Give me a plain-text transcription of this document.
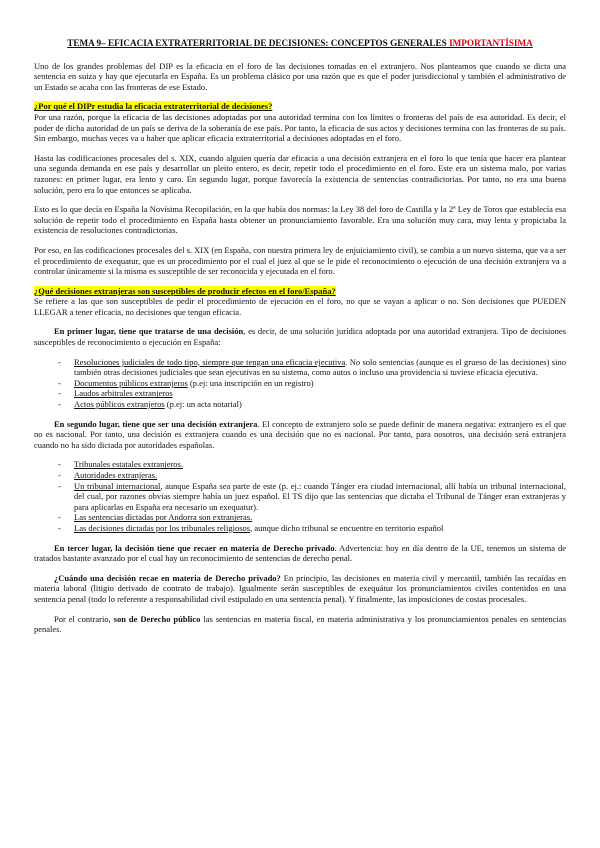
TEMA 9– EFICACIA EXTRATERRITORIAL DE DECISIONES: CONCEPTOS GENERALES IMPORTANTÍSIMA

Uno de los grandes problemas del DIP es la eficacia en el foro de las decisiones tomadas en el extranjero. Nos planteamos que cuando se dicta una sentencia en suiza y hay que ejecutarla en España. Es un problema clásico por una razón que es que el poder jurisdiccional y también el administrativo de un Estado se acaba con las fronteras de ese Estado.

¿Por qué el DIPr estudia la eficacia extraterritorial de decisiones?

Por una razón, porque la eficacia de las decisiones adoptadas por una autoridad termina con los límites o fronteras del país de esa autoridad. Es decir, el poder de dicha autoridad de un país se deriva de la soberanía de ese país. Por tanto, la eficacia de sus actos y decisiones termina con las fronteras de su país. Sin embargo, muchas veces va a haber que aplicar eficacia extraterritorial a decisiones adoptadas en el foro.

Hasta las codificaciones procesales del s. XIX, cuando alguien quería dar eficacia a una decisión extranjera en el foro lo que tenía que hacer era plantear una segunda demanda en ese país y desarrollar un pleito entero, es decir, repetir todo el procedimiento en el foro. Este era un sistema malo, por varias razones: en primer lugar, era lento y caro. En segundo lugar, porque favorecía la existencia de sentencias contradictorias. Por tanto, no era una buena solución, pero era lo que entonces se aplicaba.

Esto es lo que decía en España la Novísima Recopilación, en la que había dos normas: la Ley 38 del foro de Castilla y la 2ª Ley de Toros que establecía esa solución de repetir todo el procedimiento en España hasta obtener un pronunciamiento favorable. Era una solución muy cara, muy lenta y propiciaba la existencia de resoluciones contradictorias.

Por eso, en las codificaciones procesales del s. XIX (en España, con nuestra primera ley de enjuiciamiento civil), se cambia a un nuevo sistema, que va a ser el procedimiento de exequatur, que es un procedimiento por el cual el juez al que se le pide el reconocimiento o ejecución de una decisión extranjera va a controlar únicamente si la misma es susceptible de ser reconocida y ejecutada en el foro.

¿Qué decisiones extranjeras son susceptibles de producir efectos en el foro/España?

Se refiere a las que son susceptibles de pedir el procedimiento de ejecución en el foro, no que se vayan a aplicar o no. Son decisiones que PUEDEN LLEGAR a tener eficacia, no decisiones que tengan eficacia.

En primer lugar, tiene que tratarse de una decisión, es decir, de una solución jurídica adoptada por una autoridad extranjera. Tipo de decisiones susceptibles de reconocimiento o ejecución en España:

- Resoluciones judiciales de todo tipo, siempre que tengan una eficacia ejecutiva. No solo sentencias (aunque es el grueso de las decisiones) sino también otras decisiones judiciales que sean ejecutivas en su sistema, como autos o incluso una providencia si tuviese eficacia ejecutiva.
- Documentos públicos extranjeros (p.ej: una inscripción en un registro)
- Laudos arbitrales extranjeros
- Actos públicos extranjeros (p.ej: un acta notarial)

En segundo lugar, tiene que ser una decisión extranjera. El concepto de extranjero solo se puede definir de manera negativa: extranjero es el que no es nacional. Por tanto, una decisión es extranjera cuando es una decisión que no es nacional. Por tanto, para nosotros, una decisión será extranjera cuando no ha sido dictada por autoridades españolas.

- Tribunales estatales extranjeros.
- Autoridades extranjeras.
- Un tribunal internacional, aunque España sea parte de este (p. ej.: cuando Tánger era ciudad internacional, allí había un tribunal internacional, del cual, por razones obvias siempre había un juez español. El TS dijo que las sentencias que dictaba el Tribunal de Tánger eran extranjeras y para aplicarlas en España era necesario un exequatur).
- Las sentencias dictadas por Andorra son extranjeras.
- Las decisiones dictadas por los tribunales religiosos, aunque dicho tribunal se encuentre en territorio español

En tercer lugar, la decisión tiene que recaer en materia de Derecho privado. Advertencia: hoy en día dentro de la UE, tenemos un sistema de tratados bastante avanzado por el cual hay un reconocimiento de sentencias de derecho penal.

¿Cuándo una decisión recae en materia de Derecho privado? En principio, las decisiones en materia civil y mercantil, también las recaídas en materia laboral (litigio derivado de contrato de trabajo). Igualmente serán susceptibles de exequátur los pronunciamientos civiles contenidos en una sentencia penal (todo lo referente a responsabilidad civil estipulado en una sentencia penal). Y finalmente, las imposiciones de costas procesales.

Por el contrario, son de Derecho público las sentencias en materia fiscal, en materia administrativa y los pronunciamientos penales en sentencias penales.
